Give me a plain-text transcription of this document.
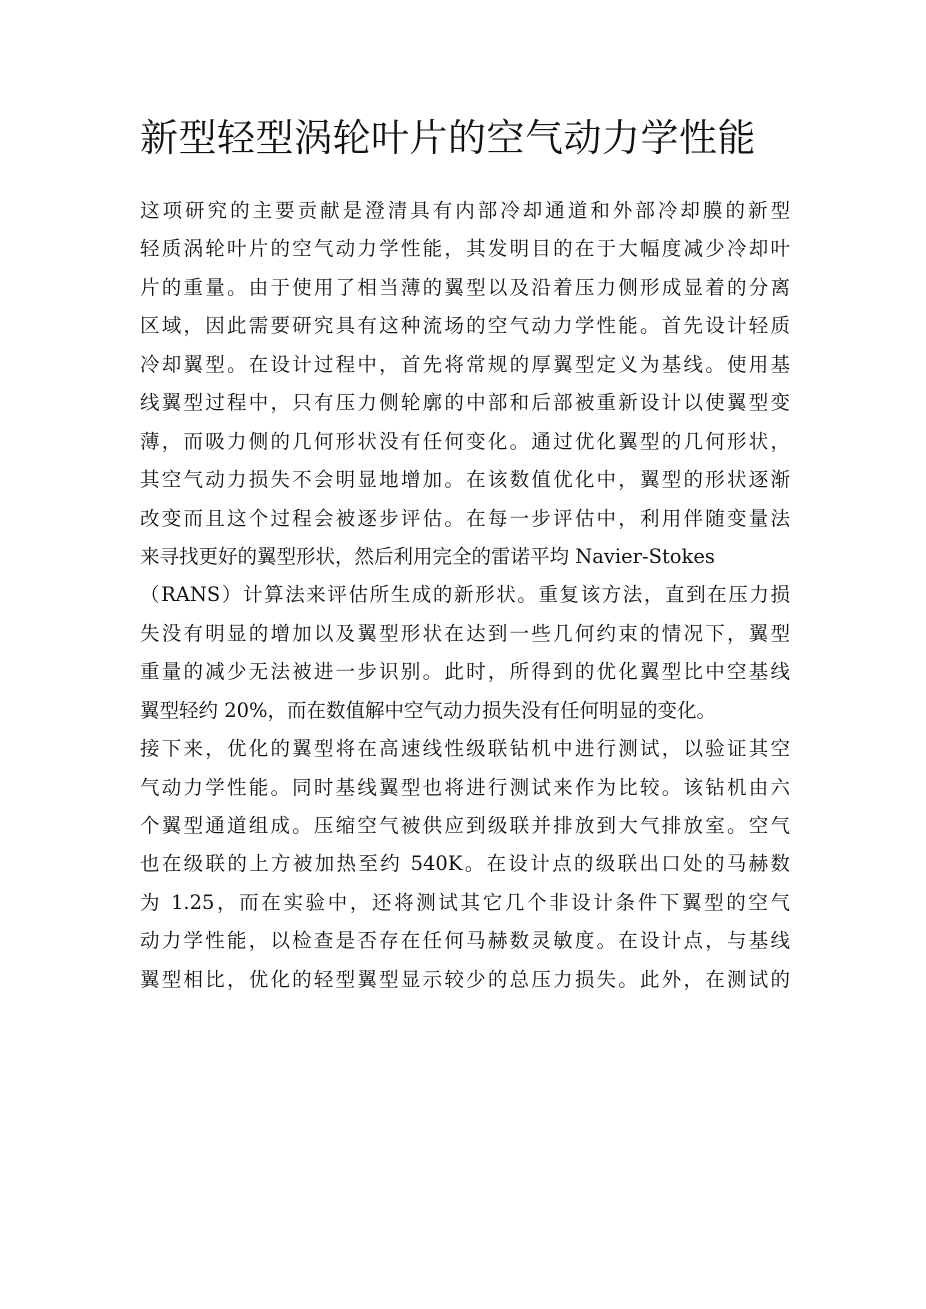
新型轻型涡轮叶片的空气动力学性能
这项研究的主要贡献是澄清具有内部冷却通道和外部冷却膜的新型
轻质涡轮叶片的空气动力学性能，其发明目的在于大幅度减少冷却叶
片的重量。由于使用了相当薄的翼型以及沿着压力侧形成显着的分离
区域，因此需要研究具有这种流场的空气动力学性能。首先设计轻质
冷却翼型。在设计过程中，首先将常规的厚翼型定义为基线。使用基
线翼型过程中，只有压力侧轮廓的中部和后部被重新设计以使翼型变
薄，而吸力侧的几何形状没有任何变化。通过优化翼型的几何形状，
其空气动力损失不会明显地增加。在该数值优化中，翼型的形状逐渐
改变而且这个过程会被逐步评估。在每一步评估中，利用伴随变量法
来寻找更好的翼型形状，然后利用完全的雷诺平均 Navier-Stokes
（RANS）计算法来评估所生成的新形状。重复该方法，直到在压力损
失没有明显的增加以及翼型形状在达到一些几何约束的情况下，翼型
重量的减少无法被进一步识别。此时，所得到的优化翼型比中空基线
翼型轻约 20%，而在数值解中空气动力损失没有任何明显的变化。
接下来，优化的翼型将在高速线性级联钻机中进行测试，以验证其空
气动力学性能。同时基线翼型也将进行测试来作为比较。该钻机由六
个翼型通道组成。压缩空气被供应到级联并排放到大气排放室。空气
也在级联的上方被加热至约 540K。在设计点的级联出口处的马赫数
为 1.25，而在实验中，还将测试其它几个非设计条件下翼型的空气
动力学性能，以检查是否存在任何马赫数灵敏度。在设计点，与基线
翼型相比，优化的轻型翼型显示较少的总压力损失。此外，在测试的
